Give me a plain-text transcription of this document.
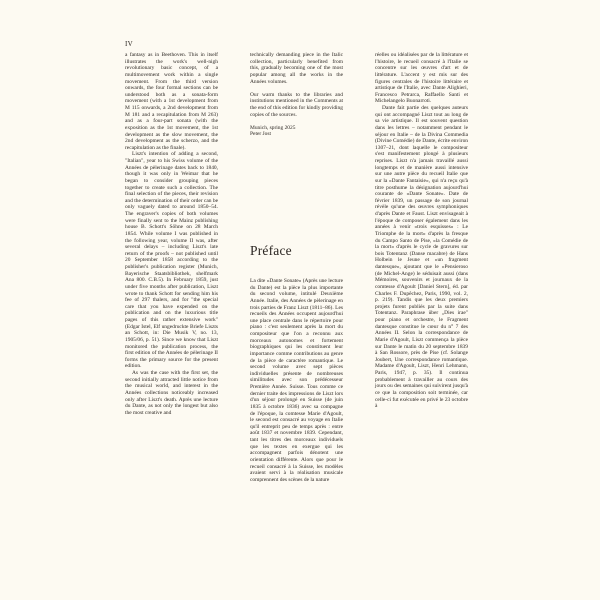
IV

a fantasy as in Beethoven. This in itself illustrates the work's well-nigh revolutionary basic concept, of a multimovement work within a single movement. From the third version onwards, the four formal sections can be understood both as a sonata-form movement (with a 1st development from M 115 onwards, a 2nd development from M 181 and a recapitulation from M 263) and as a four-part sonata (with the exposition as the 1st movement, the 1st development as the slow movement, the 2nd development as the scherzo, and the recapitulation as the finale).

Liszt's intention of adding a second, "Italian", year to his Swiss volume of the Années de pèlerinage dates back to 1840, though it was only in Weimar that he began to consider grouping pieces together to create such a collection. The final selection of the pieces, their revision and the determination of their order can be only vaguely dated to around 1850–54. The engraver's copies of both volumes were finally sent to the Mainz publishing house B. Schott's Söhne on 28 March 1854. While volume I was published in the following year, volume II was, after several delays – including Liszt's late return of the proofs – not published until 20 September 1858 according to the publisher's publication register (Munich, Bayerische Staatsbibliothek, shelfmark Ana 800. C.B.5). In February 1859, just under five months after publication, Liszt wrote to thank Schott for sending him his fee of 297 thalers, and for "the special care that you have expended on the publication and on the luxurious title pages of this rather extensive work" (Edgar Istel, Elf ungedruckte Briefe Liszts an Schott, in: Die Musik V, no. 13, 1905/06, p. 51). Since we know that Liszt monitored the publication process, the first edition of the Années de pèlerinage II forms the primary source for the present edition.

As was the case with the first set, the second initially attracted little notice from the musical world, and interest in the Années collections noticeably increased only after Liszt's death. Après une lecture du Dante, as not only the longest but also the most creative and

technically demanding piece in the Italic collection, particularly benefited from this, gradually becoming one of the most popular among all the works in the Années volumes.

Our warm thanks to the libraries and institutions mentioned in the Comments at the end of this edition for kindly providing copies of the sources.

Munich, spring 2025
Peter Jost

Préface

La dite «Dante Sonate» (Après une lecture du Dante) est la pièce la plus importante du second volume, intitulé Deuxième Année. Italie, des Années de pèlerinage en trois parties de Franz Liszt (1811–86). Les recueils des Années occupent aujourd'hui une place centrale dans le répertoire pour piano : c'est seulement après la mort du compositeur que l'on a reconnu aux morceaux autonomes et fortement biographiques qui les constituent leur importance comme contributions au genre de la pièce de caractère romantique. Le second volume avec sept pièces individuelles présente de nombreuses similitudes avec son prédécesseur Première Année. Suisse. Tous comme ce dernier traite des impressions de Liszt lors d'un séjour prolongé en Suisse (de juin 1835 à octobre 1836) avec sa compagne de l'époque, la comtesse Marie d'Agoult, le second est consacré au voyage en Italie qu'il entreprit peu de temps après : entre août 1837 et novembre 1839. Cependant, tant les titres des morceaux individuels que les textes en exergue qui les accompagnent parfois dénotent une orientation différente. Alors que pour le recueil consacré à la Suisse, les modèles avaient servi à la réalisation musicale comprennent des scènes de la nature

réelles ou idéalisées par de la littérature et l'histoire, le recueil consacré à l'Italie se concentre sur les œuvres d'art et de littérature. L'accent y est mis sur des figures centrales de l'histoire littéraire et artistique de l'Italie, avec Dante Alighieri, Francesco Petrarca, Raffaello Santi et Michelangelo Buonarroti.

Dante fait partie des quelques auteurs qui ont accompagné Liszt tout au long de sa vie artistique. Il est souvent question dans les lettres – notamment pendant le séjour en Italie – de la Divina Commedia (Divine Comédie) de Dante, écrite environ 1307–21, dont laquelle le compositeur s'est manifestement plongé à plusieurs reprises. Liszt n'a jamais travaillé aussi longtemps et de manière aussi intensive sur une autre pièce du recueil Italie que sur la «Dante Fantaisie», qui n'a reçu qu'à titre posthume la désignation aujourd'hui courante de «Dante Sonate». Date de février 1839, un passage de son journal révèle qu'une des œuvres symphoniques d'après Dante et Faust. Liszt envisageait à l'époque de composer également dans les années à venir «trois esquisses» : Le Triomphe de la mort» d'après la fresque du Campo Santo de Pise, «la Comédie de la mort» d'après le cycle de gravures sur bois Totentanz (Danse macabre) de Hans Holbein le Jeune et «un fragment dantesque», ajoutant que le «Pensieroso (de Michel-Ange) le séduisait aussi (dans Mémoires, souvenirs et journaux de la comtesse d'Agoult [Daniel Stern], éd. par Charles F. Dupêchez, Paris, 1990, vol. 2, p. 219). Tandis que les deux premiers projets furent publiés par la suite dans Totentanz. Paraphrase über „Dies irae" pour piano et orchestre, le Fragment dantesque constitue le cœur du n° 7 des Années II. Selon la correspondance de Marie d'Agoult, Liszt commença la pièce sur Dante le matin du 20 septembre 1839 à San Rossore, près de Pise (cf. Solange Joubert, Une correspondance romantique. Madame d'Agoult, Liszt, Henri Lehmann, Paris, 1947, p. 35). Il continua probablement à travailler au cours des jours ou des semaines qui suivirent jusqu'à ce que la composition soit terminée, car celle-ci fut exécutée en privé le 23 octobre à
